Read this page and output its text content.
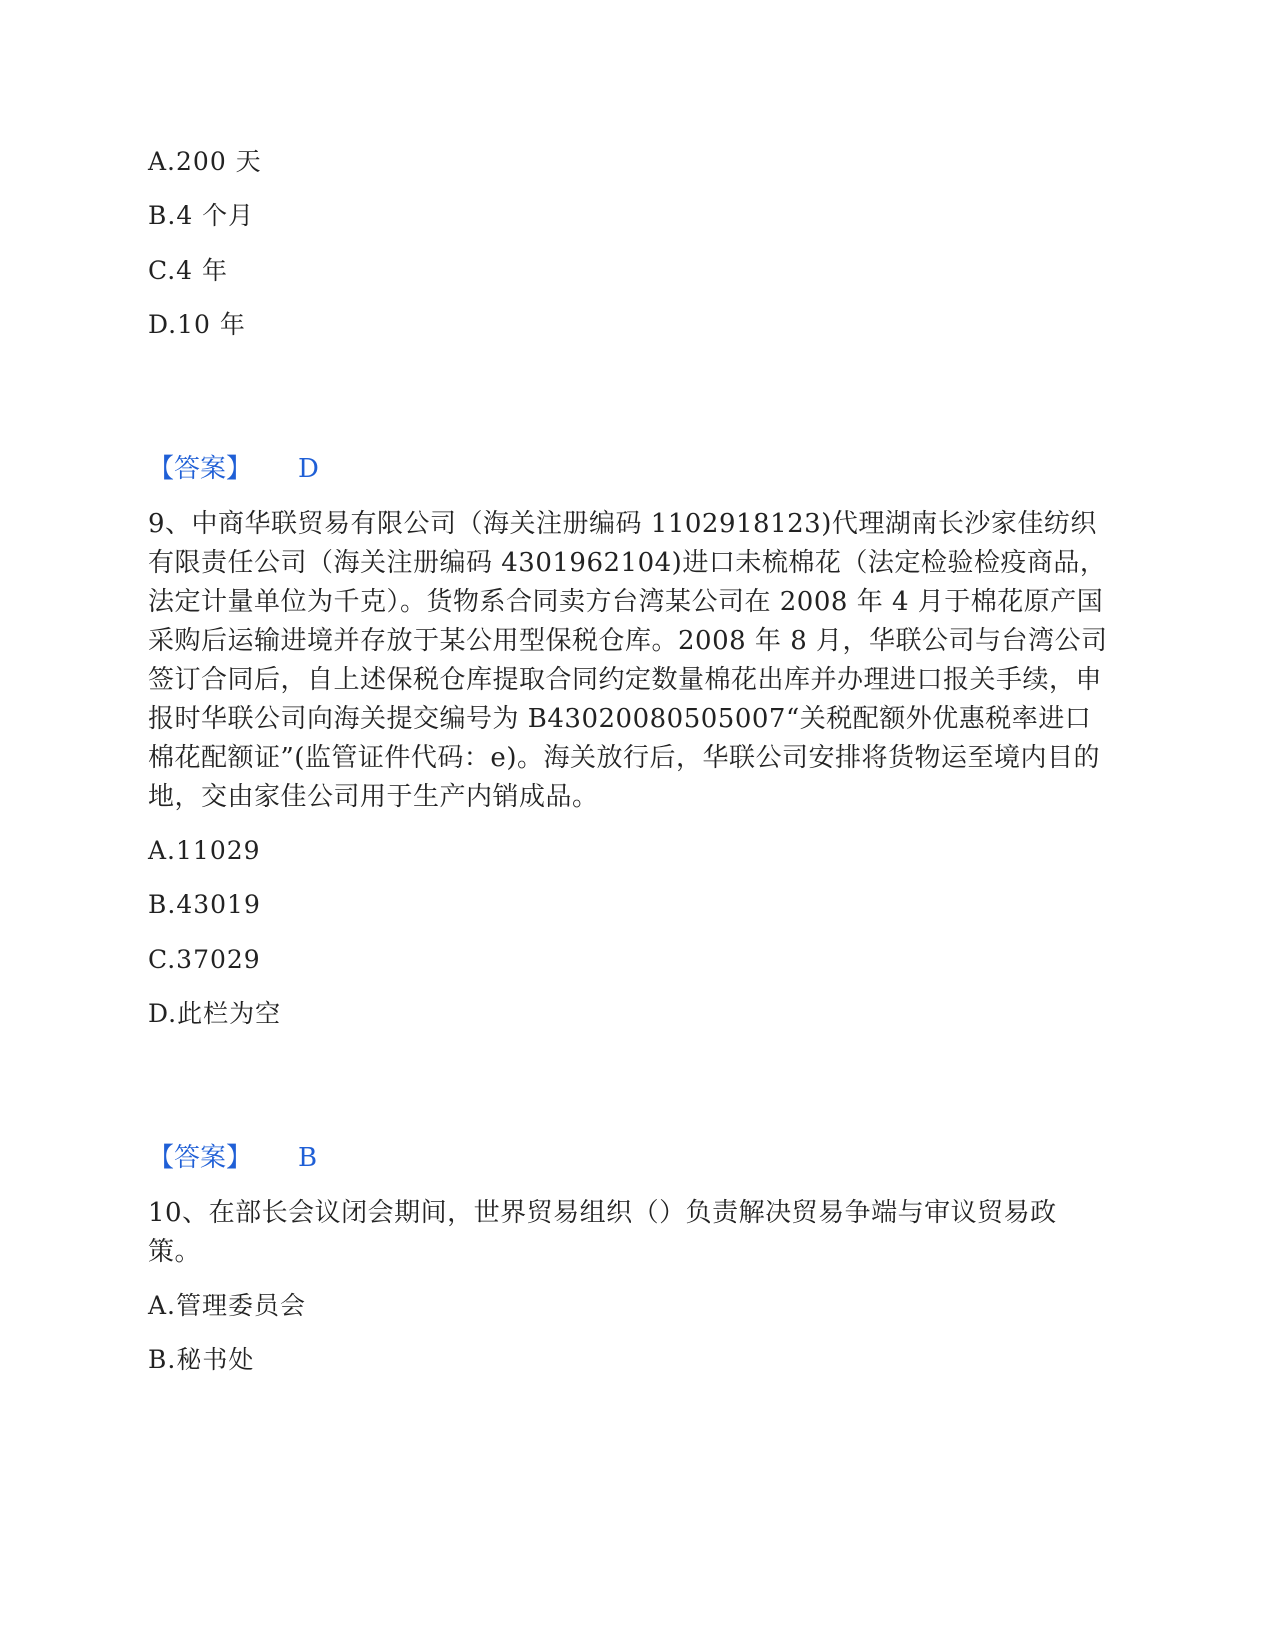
A.200 天
B.4 个月
C.4 年
D.10 年
【答案】 D
9、中商华联贸易有限公司（海关注册编码 1102918123)代理湖南长沙家佳纺织有限责任公司（海关注册编码 4301962104)进口未梳棉花（法定检验检疫商品，法定计量单位为千克）。货物系合同卖方台湾某公司在 2008 年 4 月于棉花原产国采购后运输进境并存放于某公用型保税仓库。2008 年 8 月，华联公司与台湾公司签订合同后，自上述保税仓库提取合同约定数量棉花出库并办理进口报关手续，申报时华联公司向海关提交编号为 B43020080505007“关税配额外优惠税率进口棉花配额证”(监管证件代码：e)。海关放行后，华联公司安排将货物运至境内目的地，交由家佳公司用于生产内销成品。
A.11029
B.43019
C.37029
D.此栏为空
【答案】 B
10、在部长会议闭会期间，世界贸易组织（）负责解决贸易争端与审议贸易政策。
A.管理委员会
B.秘书处
